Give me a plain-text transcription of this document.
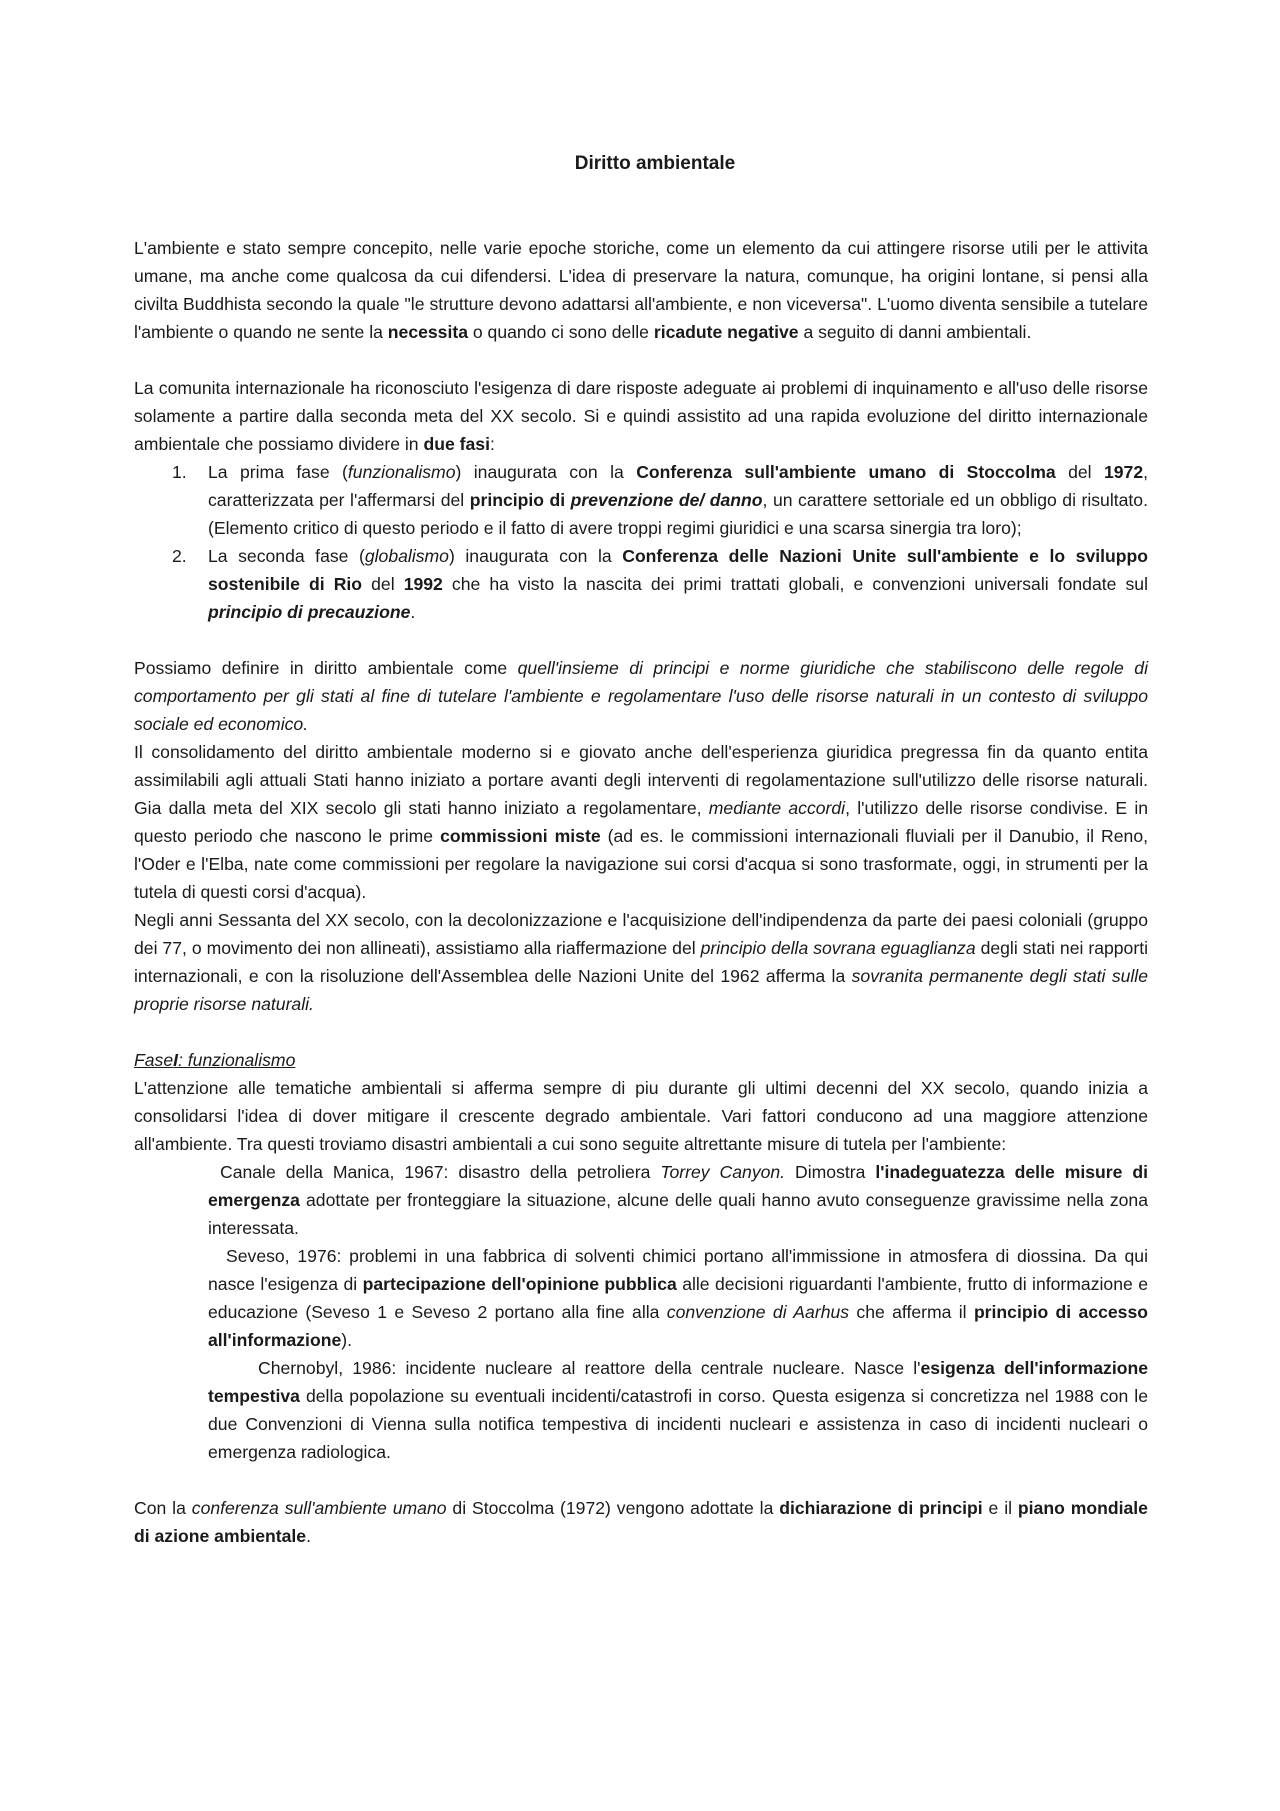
Diritto ambientale

L'ambiente e stato sempre concepito, nelle varie epoche storiche, come un elemento da cui attingere risorse utili per le attivita umane, ma anche come qualcosa da cui difendersi. L'idea di preservare la natura, comunque, ha origini lontane, si pensi alla civilta Buddhista secondo la quale "le strutture devono adattarsi all'ambiente, e non viceversa". L'uomo diventa sensibile a tutelare l'ambiente o quando ne sente la necessita o quando ci sono delle ricadute negative a seguito di danni ambientali.

La comunita internazionale ha riconosciuto l'esigenza di dare risposte adeguate ai problemi di inquinamento e all'uso delle risorse solamente a partire dalla seconda meta del XX secolo. Si e quindi assistito ad una rapida evoluzione del diritto internazionale ambientale che possiamo dividere in due fasi:

1. La prima fase (funzionalismo) inaugurata con la Conferenza sull'ambiente umano di Stoccolma del 1972, caratterizzata per l'affermarsi del principio di prevenzione de/ danno, un carattere settoriale ed un obbligo di risultato. (Elemento critico di questo periodo e il fatto di avere troppi regimi giuridici e una scarsa sinergia tra loro);
2. La seconda fase (globalismo) inaugurata con la Conferenza delle Nazioni Unite sull'ambiente e lo sviluppo sostenibile di Rio del 1992 che ha visto la nascita dei primi trattati globali, e convenzioni universali fondate sul principio di precauzione.

Possiamo definire in diritto ambientale come quell'insieme di principi e norme giuridiche che stabiliscono delle regole di comportamento per gli stati al fine di tutelare l'ambiente e regolamentare l'uso delle risorse naturali in un contesto di sviluppo sociale ed economico.

Il consolidamento del diritto ambientale moderno si e giovato anche dell'esperienza giuridica pregressa fin da quanto entita assimilabili agli attuali Stati hanno iniziato a portare avanti degli interventi di regolamentazione sull'utilizzo delle risorse naturali. Gia dalla meta del XIX secolo gli stati hanno iniziato a regolamentare, mediante accordi, l'utilizzo delle risorse condivise. E in questo periodo che nascono le prime commissioni miste (ad es. le commissioni internazionali fluviali per il Danubio, il Reno, l'Oder e l'Elba, nate come commissioni per regolare la navigazione sui corsi d'acqua si sono trasformate, oggi, in strumenti per la tutela di questi corsi d'acqua).

Negli anni Sessanta del XX secolo, con la decolonizzazione e l'acquisizione dell'indipendenza da parte dei paesi coloniali (gruppo dei 77, o movimento dei non allineati), assistiamo alla riaffermazione del principio della sovrana eguaglianza degli stati nei rapporti internazionali, e con la risoluzione dell'Assemblea delle Nazioni Unite del 1962 afferma la sovranita permanente degli stati sulle proprie risorse naturali.

FaseI: funzionalismo

L'attenzione alle tematiche ambientali si afferma sempre di piu durante gli ultimi decenni del XX secolo, quando inizia a consolidarsi l'idea di dover mitigare il crescente degrado ambientale. Vari fattori conducono ad una maggiore attenzione all'ambiente. Tra questi troviamo disastri ambientali a cui sono seguite altrettante misure di tutela per l'ambiente:

Canale della Manica, 1967: disastro della petroliera Torrey Canyon. Dimostra l'inadeguatezza delle misure di emergenza adottate per fronteggiare la situazione, alcune delle quali hanno avuto conseguenze gravissime nella zona interessata.
Seveso, 1976: problemi in una fabbrica di solventi chimici portano all'immissione in atmosfera di diossina. Da qui nasce l'esigenza di partecipazione dell'opinione pubblica alle decisioni riguardanti l'ambiente, frutto di informazione e educazione (Seveso 1 e Seveso 2 portano alla fine alla convenzione di Aarhus che afferma il principio di accesso all'informazione).
Chernobyl, 1986: incidente nucleare al reattore della centrale nucleare. Nasce l'esigenza dell'informazione tempestiva della popolazione su eventuali incidenti/catastrofi in corso. Questa esigenza si concretizza nel 1988 con le due Convenzioni di Vienna sulla notifica tempestiva di incidenti nucleari e assistenza in caso di incidenti nucleari o emergenza radiologica.

Con la conferenza sull'ambiente umano di Stoccolma (1972) vengono adottate la dichiarazione di principi e il piano mondiale di azione ambientale.
